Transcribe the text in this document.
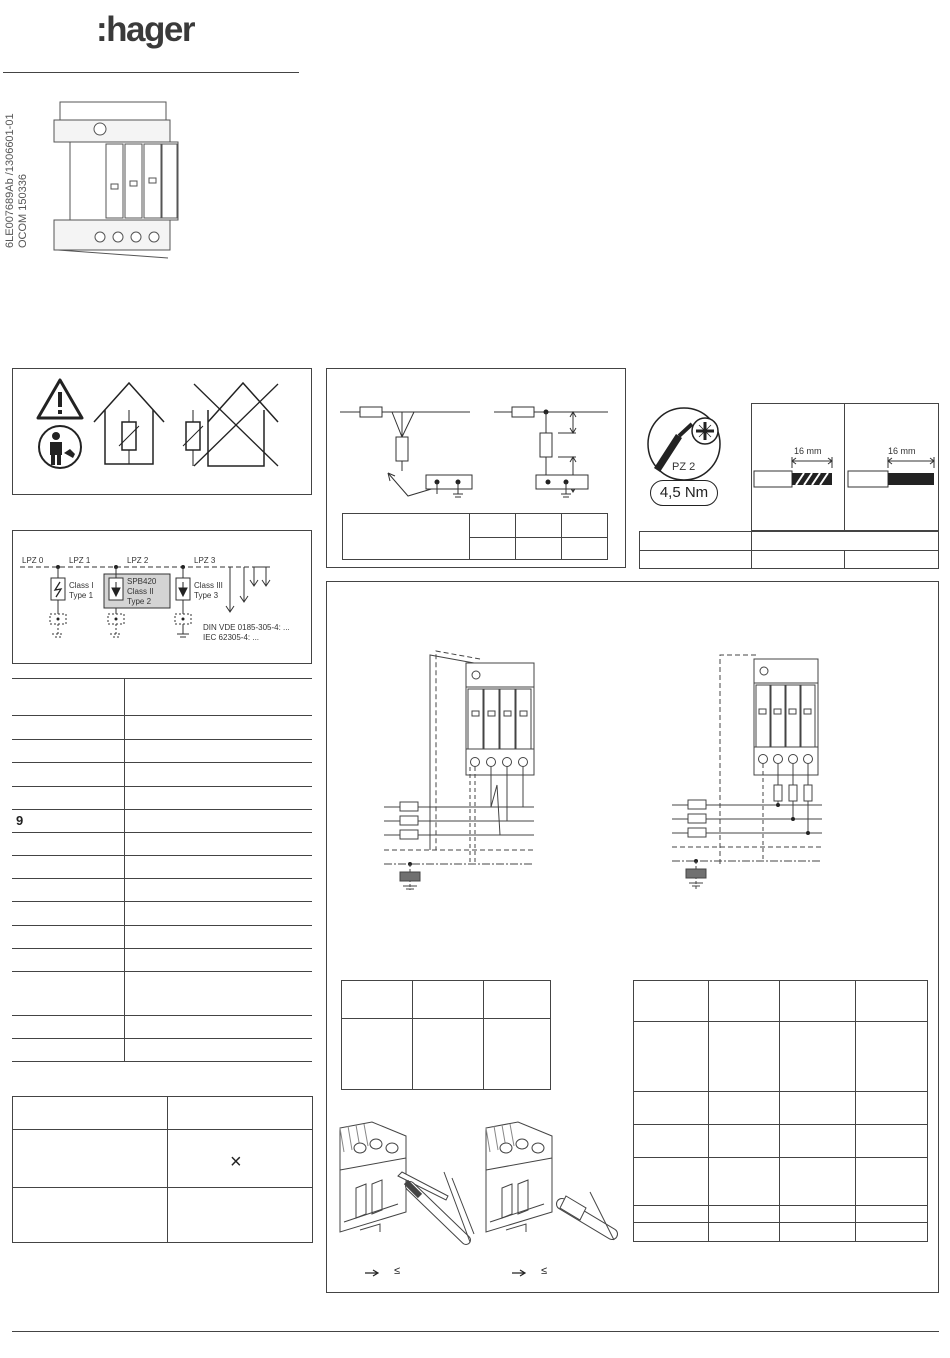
:hager
6LE007689Ab /1306601-01 OCOM 150336

PZ 2
4,5 Nm
16 mm	16 mm

LPZ 0	LPZ 1	LPZ 2	LPZ 3
Class I
Type 1
SPB420
Class II
Type 2
Class III
Type 3
DIN VDE 0185-305-4: ...
IEC 62305-4: ...
9

	×

≤	≤
